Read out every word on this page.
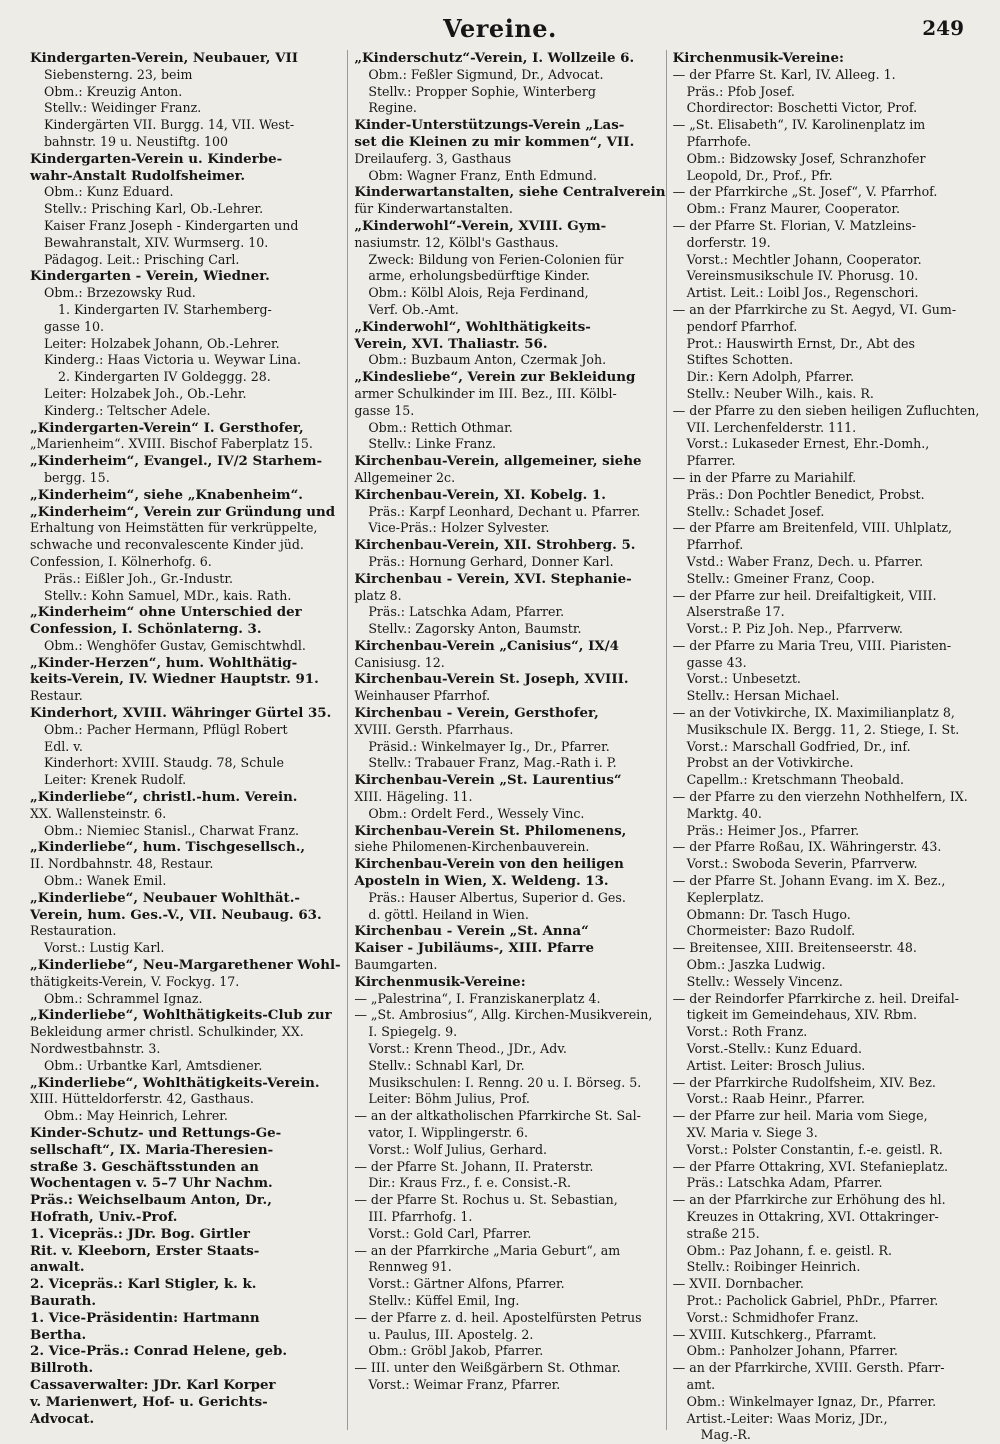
Vereine.	249
Kindergarten-Verein, Neubauer, VII
Siebensterng. 23, beim
Obm.: Kreuzig Anton.
Stellv.: Weidinger Franz.
Kindergärten VII. Burgg. 14, VII. West-
bahnstr. 19 u. Neustiftg. 100
Kindergarten-Verein u. Kinderbe-
wahr-Anstalt Rudolfsheimer.
Obm.: Kunz Eduard.
Stellv.: Prisching Karl, Ob.-Lehrer.
Kaiser Franz Joseph - Kindergarten und
Bewahranstalt, XIV. Wurmserg. 10.
Pädagog. Leit.: Prisching Carl.
Kindergarten - Verein, Wiedner.
Obm.: Brzezowsky Rud.
1. Kindergarten IV. Starhemberg-
gasse 10.
Leiter: Holzabek Johann, Ob.-Lehrer.
Kinderg.: Haas Victoria u. Weywar Lina.
2. Kindergarten IV Goldeggg. 28.
Leiter: Holzabek Joh., Ob.-Lehr.
Kinderg.: Teltscher Adele.
„Kindergarten-Verein“ I. Gersthofer,
„Marienheim“. XVIII. Bischof Faberplatz 15.
„Kinderheim“, Evangel., IV/2 Starhem-
bergg. 15.
„Kinderheim“, siehe „Knabenheim“.
„Kinderheim“, Verein zur Gründung und
Erhaltung von Heimstätten für verkrüppelte,
schwache und reconvalescente Kinder jüd.
Confession, I. Kölnerhofg. 6.
Präs.: Eißler Joh., Gr.-Industr.
Stellv.: Kohn Samuel, MDr., kais. Rath.
„Kinderheim“ ohne Unterschied der
Confession, I. Schönlaterng. 3.
Obm.: Wenghöfer Gustav, Gemischtwhdl.
„Kinder-Herzen“, hum. Wohlthätig-
keits-Verein, IV. Wiedner Hauptstr. 91.
Restaur.
Kinderhort, XVIII. Währinger Gürtel 35.
Obm.: Pacher Hermann, Pflügl Robert
Edl. v.
Kinderhort: XVIII. Staudg. 78, Schule
Leiter: Krenek Rudolf.
„Kinderliebe“, christl.-hum. Verein.
XX. Wallensteinstr. 6.
Obm.: Niemiec Stanisl., Charwat Franz.
„Kinderliebe“, hum. Tischgesellsch.,
II. Nordbahnstr. 48, Restaur.
Obm.: Wanek Emil.
„Kinderliebe“, Neubauer Wohlthät.-
Verein, hum. Ges.-V., VII. Neubaug. 63.
Restauration.
Vorst.: Lustig Karl.
„Kinderliebe“, Neu-Margarethener Wohl-
thätigkeits-Verein, V. Fockyg. 17.
Obm.: Schrammel Ignaz.
„Kinderliebe“, Wohlthätigkeits-Club zur
Bekleidung armer christl. Schulkinder, XX.
Nordwestbahnstr. 3.
Obm.: Urbantke Karl, Amtsdiener.
„Kinderliebe“, Wohlthätigkeits-Verein.
XIII. Hütteldorferstr. 42, Gasthaus.
Obm.: May Heinrich, Lehrer.
Kinder-Schutz- und Rettungs-Ge-
sellschaft“, IX. Maria-Theresien-
straße 3. Geschäftsstunden an
Wochentagen v. 5–7 Uhr Nachm.
Präs.: Weichselbaum Anton, Dr.,
Hofrath, Univ.-Prof.
1. Vicepräs.: JDr. Bog. Girtler
Rit. v. Kleeborn, Erster Staats-
anwalt.
2. Vicepräs.: Karl Stigler, k. k.
Baurath.
1. Vice-Präsidentin: Hartmann
Bertha.
2. Vice-Präs.: Conrad Helene, geb.
Billroth.
Cassaverwalter: JDr. Karl Korper
v. Marienwert, Hof- u. Gerichts-
Advocat.
„Kinderschutz“-Verein, I. Wollzeile 6.
Obm.: Feßler Sigmund, Dr., Advocat.
Stellv.: Propper Sophie, Winterberg
Regine.
Kinder-Unterstützungs-Verein „Las-
set die Kleinen zu mir kommen“, VII.
Dreilauferg. 3, Gasthaus
Obm: Wagner Franz, Enth Edmund.
Kinderwartanstalten, siehe Centralverein
für Kinderwartanstalten.
„Kinderwohl“-Verein, XVIII. Gym-
nasiumstr. 12, Kölbl's Gasthaus.
Zweck: Bildung von Ferien-Colonien für
arme, erholungsbedürftige Kinder.
Obm.: Kölbl Alois, Reja Ferdinand,
Verf. Ob.-Amt.
„Kinderwohl“, Wohlthätigkeits-
Verein, XVI. Thaliastr. 56.
Obm.: Buzbaum Anton, Czermak Joh.
„Kindesliebe“, Verein zur Bekleidung
armer Schulkinder im III. Bez., III. Kölbl-
gasse 15.
Obm.: Rettich Othmar.
Stellv.: Linke Franz.
Kirchenbau-Verein, allgemeiner, siehe
Allgemeiner 2c.
Kirchenbau-Verein, XI. Kobelg. 1.
Präs.: Karpf Leonhard, Dechant u. Pfarrer.
Vice-Präs.: Holzer Sylvester.
Kirchenbau-Verein, XII. Strohberg. 5.
Präs.: Hornung Gerhard, Donner Karl.
Kirchenbau - Verein, XVI. Stephanie-
platz 8.
Präs.: Latschka Adam, Pfarrer.
Stellv.: Zagorsky Anton, Baumstr.
Kirchenbau-Verein „Canisius“, IX/4
Canisiusg. 12.
Kirchenbau-Verein St. Joseph, XVIII.
Weinhauser Pfarrhof.
Kirchenbau - Verein, Gersthofer,
XVIII. Gersth. Pfarrhaus.
Präsid.: Winkelmayer Ig., Dr., Pfarrer.
Stellv.: Trabauer Franz, Mag.-Rath i. P.
Kirchenbau-Verein „St. Laurentius“
XIII. Hägeling. 11.
Obm.: Ordelt Ferd., Wessely Vinc.
Kirchenbau-Verein St. Philomenens,
siehe Philomenen-Kirchenbauverein.
Kirchenbau-Verein von den heiligen
Aposteln in Wien, X. Weldeng. 13.
Präs.: Hauser Albertus, Superior d. Ges.
d. göttl. Heiland in Wien.
Kirchenbau - Verein „St. Anna“
Kaiser - Jubiläums-, XIII. Pfarre
Baumgarten.
Kirchenmusik-Vereine:
— „Palestrina“, I. Franziskanerplatz 4.
— „St. Ambrosius“, Allg. Kirchen-Musikverein,
I. Spiegelg. 9.
Vorst.: Krenn Theod., JDr., Adv.
Stellv.: Schnabl Karl, Dr.
Musikschulen: I. Renng. 20 u. I. Börseg. 5.
Leiter: Böhm Julius, Prof.
— an der altkatholischen Pfarrkirche St. Sal-
vator, I. Wipplingerstr. 6.
Vorst.: Wolf Julius, Gerhard.
— der Pfarre St. Johann, II. Praterstr.
Dir.: Kraus Frz., f. e. Consist.-R.
— der Pfarre St. Rochus u. St. Sebastian,
III. Pfarrhofg. 1.
Vorst.: Gold Carl, Pfarrer.
— an der Pfarrkirche „Maria Geburt“, am
Rennweg 91.
Vorst.: Gärtner Alfons, Pfarrer.
Stellv.: Küffel Emil, Ing.
— der Pfarre z. d. heil. Apostelfürsten Petrus
u. Paulus, III. Apostelg. 2.
Obm.: Gröbl Jakob, Pfarrer.
— III. unter den Weißgärbern St. Othmar.
Vorst.: Weimar Franz, Pfarrer.
Kirchenmusik-Vereine:
— der Pfarre St. Karl, IV. Alleeg. 1.
Präs.: Pfob Josef.
Chordirector: Boschetti Victor, Prof.
— „St. Elisabeth“, IV. Karolinenplatz im
Pfarrhofe.
Obm.: Bidzowsky Josef, Schranzhofer
Leopold, Dr., Prof., Pfr.
— der Pfarrkirche „St. Josef“, V. Pfarrhof.
Obm.: Franz Maurer, Cooperator.
— der Pfarre St. Florian, V. Matzleins-
dorferstr. 19.
Vorst.: Mechtler Johann, Cooperator.
Vereinsmusikschule IV. Phorusg. 10.
Artist. Leit.: Loibl Jos., Regenschori.
— an der Pfarrkirche zu St. Aegyd, VI. Gum-
pendorf Pfarrhof.
Prot.: Hauswirth Ernst, Dr., Abt des
Stiftes Schotten.
Dir.: Kern Adolph, Pfarrer.
Stellv.: Neuber Wilh., kais. R.
— der Pfarre zu den sieben heiligen Zufluchten,
VII. Lerchenfelderstr. 111.
Vorst.: Lukaseder Ernest, Ehr.-Domh.,
Pfarrer.
— in der Pfarre zu Mariahilf.
Präs.: Don Pochtler Benedict, Probst.
Stellv.: Schadet Josef.
— der Pfarre am Breitenfeld, VIII. Uhlplatz,
Pfarrhof.
Vstd.: Waber Franz, Dech. u. Pfarrer.
Stellv.: Gmeiner Franz, Coop.
— der Pfarre zur heil. Dreifaltigkeit, VIII.
Alserstraße 17.
Vorst.: P. Piz Joh. Nep., Pfarrverw.
— der Pfarre zu Maria Treu, VIII. Piaristen-
gasse 43.
Vorst.: Unbesetzt.
Stellv.: Hersan Michael.
— an der Votivkirche, IX. Maximilianplatz 8,
Musikschule IX. Bergg. 11, 2. Stiege, I. St.
Vorst.: Marschall Godfried, Dr., inf.
Probst an der Votivkirche.
Capellm.: Kretschmann Theobald.
— der Pfarre zu den vierzehn Nothhelfern, IX.
Marktg. 40.
Präs.: Heimer Jos., Pfarrer.
— der Pfarre Roßau, IX. Währingerstr. 43.
Vorst.: Swoboda Severin, Pfarrverw.
— der Pfarre St. Johann Evang. im X. Bez.,
Keplerplatz.
Obmann: Dr. Tasch Hugo.
Chormeister: Bazo Rudolf.
— Breitensee, XIII. Breitenseerstr. 48.
Obm.: Jaszka Ludwig.
Stellv.: Wessely Vincenz.
— der Reindorfer Pfarrkirche z. heil. Dreifal-
tigkeit im Gemeindehaus, XIV. Rbm.
Vorst.: Roth Franz.
Vorst.-Stellv.: Kunz Eduard.
Artist. Leiter: Brosch Julius.
— der Pfarrkirche Rudolfsheim, XIV. Bez.
Vorst.: Raab Heinr., Pfarrer.
— der Pfarre zur heil. Maria vom Siege,
XV. Maria v. Siege 3.
Vorst.: Polster Constantin, f.-e. geistl. R.
— der Pfarre Ottakring, XVI. Stefanieplatz.
Präs.: Latschka Adam, Pfarrer.
— an der Pfarrkirche zur Erhöhung des hl.
Kreuzes in Ottakring, XVI. Ottakringer-
straße 215.
Obm.: Paz Johann, f. e. geistl. R.
Stellv.: Roibinger Heinrich.
— XVII. Dornbacher.
Prot.: Pacholick Gabriel, PhDr., Pfarrer.
Vorst.: Schmidhofer Franz.
— XVIII. Kutschkerg., Pfarramt.
Obm.: Panholzer Johann, Pfarrer.
— an der Pfarrkirche, XVIII. Gersth. Pfarr-
amt.
Obm.: Winkelmayer Ignaz, Dr., Pfarrer.
Artist.-Leiter: Waas Moriz, JDr.,
Mag.-R.
